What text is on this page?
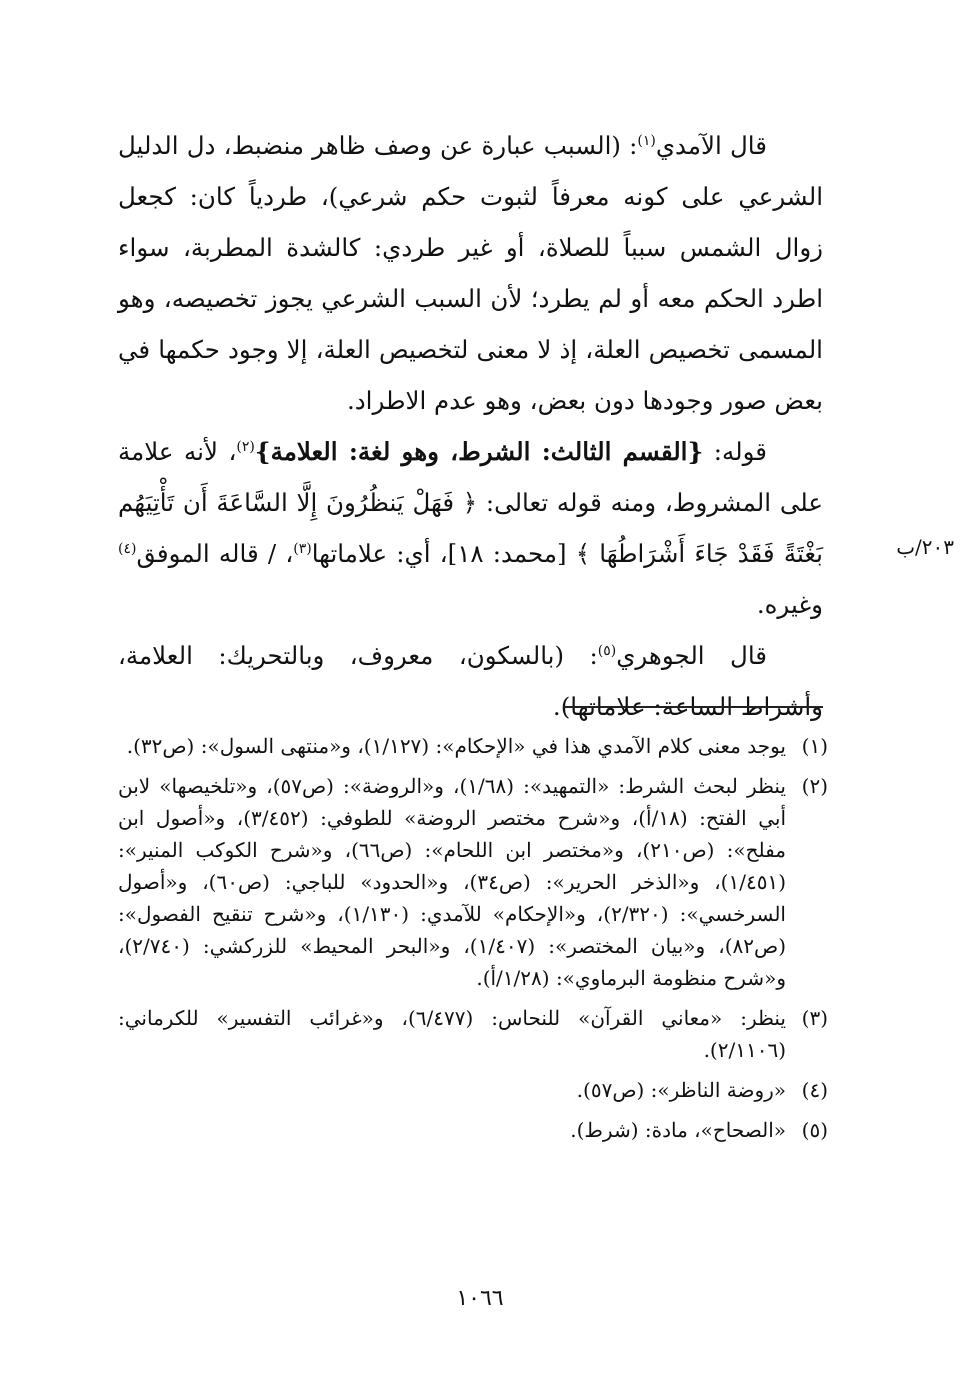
قال الآمدي$^{(١)}$: (السبب عبارة عن وصف ظاهر منضبط، دل الدليل الشرعي على كونه معرفاً لثبوت حكم شرعي)، طردياً كان: كجعل زوال الشمس سبباً للصلاة، أو غير طردي: كالشدة المطربة، سواء اطرد الحكم معه أو لم يطرد؛ لأن السبب الشرعي يجوز تخصيصه، وهو المسمى تخصيص العلة، إذ لا معنى لتخصيص العلة، إلا وجود حكمها في بعض صور وجودها دون بعض، وهو عدم الاطراد.

قوله: {القسم الثالث: الشرط، وهو لغة: العلامة}$^{(٢)}$، لأنه علامة على المشروط، ومنه قوله تعالى: ﴿ فَهَلْ يَنظُرُونَ إِلَّا السَّاعَةَ أَن تَأْتِيَهُم بَغْتَةً فَقَدْ جَاءَ أَشْرَاطُهَا ﴾ [محمد: ١٨]، أي: علاماتها$^{(٣)}$، / قاله الموفق$^{(٤)}$ وغيره.

قال الجوهري$^{(٥)}$: (بالسكون، معروف، وبالتحريك: العلامة، وأشراط الساعة: علاماتها).

٢٠٣/ب
(١)
يوجد معنى كلام الآمدي هذا في «الإحكام»: (١/١٢٧)، و«منتهى السول»: (ص٣٢).
(٢)
ينظر لبحث الشرط: «التمهيد»: (١/٦٨)، و«الروضة»: (ص٥٧)، و«تلخيصها» لابن أبي الفتح: (١٨/أ)، و«شرح مختصر الروضة» للطوفي: (٣/٤٥٢)، و«أصول ابن مفلح»: (ص٢١٠)، و«مختصر ابن اللحام»: (ص٦٦)، و«شرح الكوكب المنير»: (١/٤٥١)، و«الذخر الحرير»: (ص٣٤)، و«الحدود» للباجي: (ص٦٠)، و«أصول السرخسي»: (٢/٣٢٠)، و«الإحكام» للآمدي: (١/١٣٠)، و«شرح تنقيح الفصول»: (ص٨٢)، و«بيان المختصر»: (١/٤٠٧)، و«البحر المحيط» للزركشي: (٢/٧٤٠)، و«شرح منظومة البرماوي»: (١/٢٨/أ).
(٣)
ينظر: «معاني القرآن» للنحاس: (٦/٤٧٧)، و«غرائب التفسير» للكرماني: (٢/١١٠٦).
(٤)
«روضة الناظر»: (ص٥٧).
(٥)
«الصحاح»، مادة: (شرط).
١٠٦٦
